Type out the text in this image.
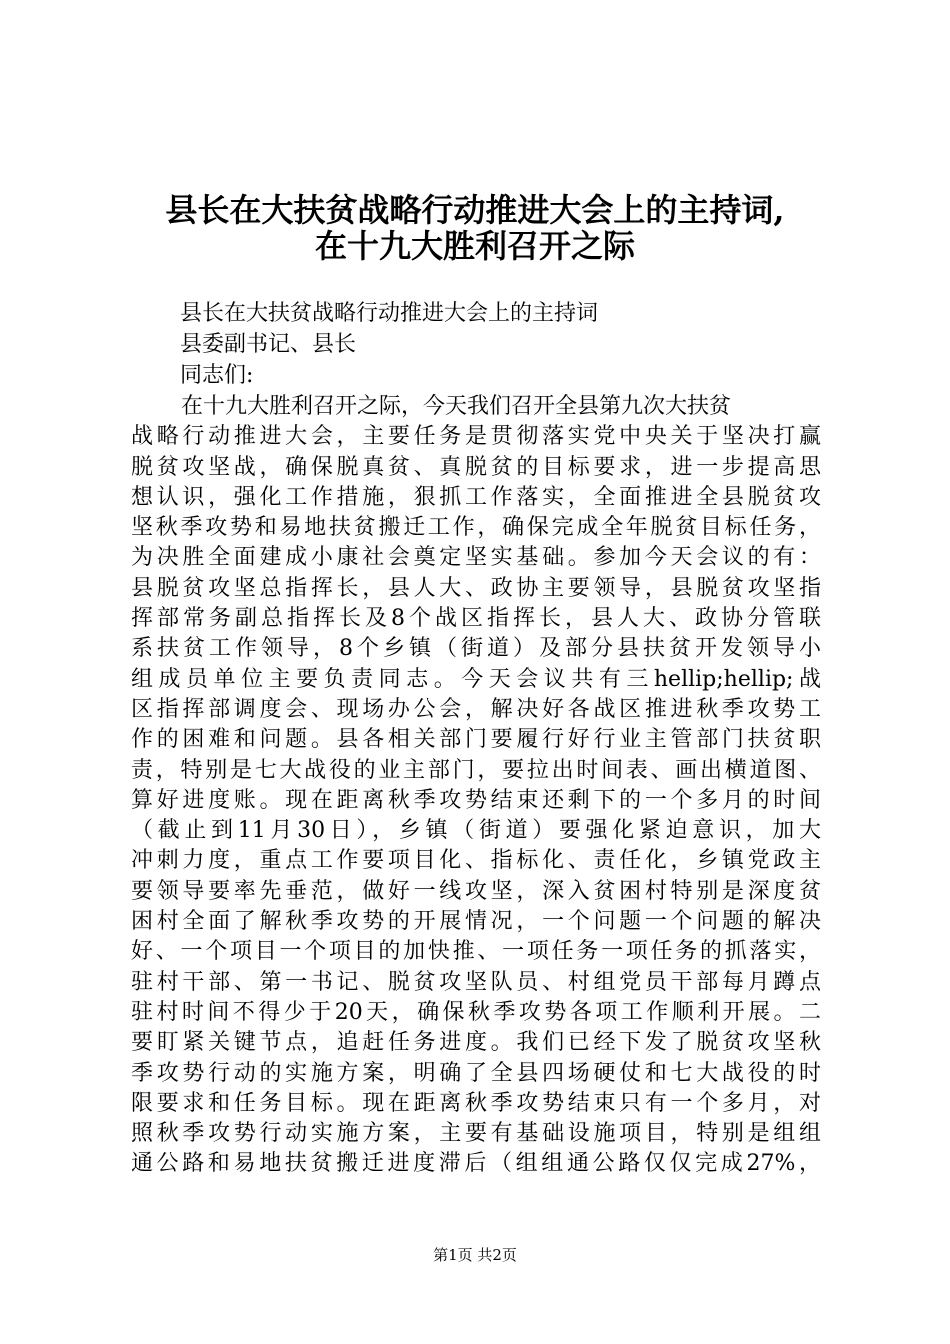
县长在大扶贫战略行动推进大会上的主持词,
在十九大胜利召开之际
县长在大扶贫战略行动推进大会上的主持词
县委副书记、县长
同志们:
在十九大胜利召开之际，今天我们召开全县第九次大扶贫
战略行动推进大会，主要任务是贯彻落实党中央关于坚决打赢
脱贫攻坚战，确保脱真贫、真脱贫的目标要求，进一步提高思
想认识，强化工作措施，狠抓工作落实，全面推进全县脱贫攻
坚秋季攻势和易地扶贫搬迁工作，确保完成全年脱贫目标任务，
为决胜全面建成小康社会奠定坚实基础。参加今天会议的有：
县脱贫攻坚总指挥长，县人大、政协主要领导，县脱贫攻坚指
挥部常务副总指挥长及8个战区指挥长，县人大、政协分管联
系扶贫工作领导，8个乡镇（街道）及部分县扶贫开发领导小
组成员单位主要负责同志。今天会议共有三hellip;hellip;战
区指挥部调度会、现场办公会，解决好各战区推进秋季攻势工
作的困难和问题。县各相关部门要履行好行业主管部门扶贫职
责，特别是七大战役的业主部门，要拉出时间表、画出横道图、
算好进度账。现在距离秋季攻势结束还剩下的一个多月的时间
（截止到11月30日），乡镇（街道）要强化紧迫意识，加大
冲刺力度，重点工作要项目化、指标化、责任化，乡镇党政主
要领导要率先垂范，做好一线攻坚，深入贫困村特别是深度贫
困村全面了解秋季攻势的开展情况，一个问题一个问题的解决
好、一个项目一个项目的加快推、一项任务一项任务的抓落实，
驻村干部、第一书记、脱贫攻坚队员、村组党员干部每月蹲点
驻村时间不得少于20天，确保秋季攻势各项工作顺利开展。二
要盯紧关键节点，追赶任务进度。我们已经下发了脱贫攻坚秋
季攻势行动的实施方案，明确了全县四场硬仗和七大战役的时
限要求和任务目标。现在距离秋季攻势结束只有一个多月，对
照秋季攻势行动实施方案，主要有基础设施项目，特别是组组
通公路和易地扶贫搬迁进度滞后（组组通公路仅仅完成27%，
第1页 共2页
